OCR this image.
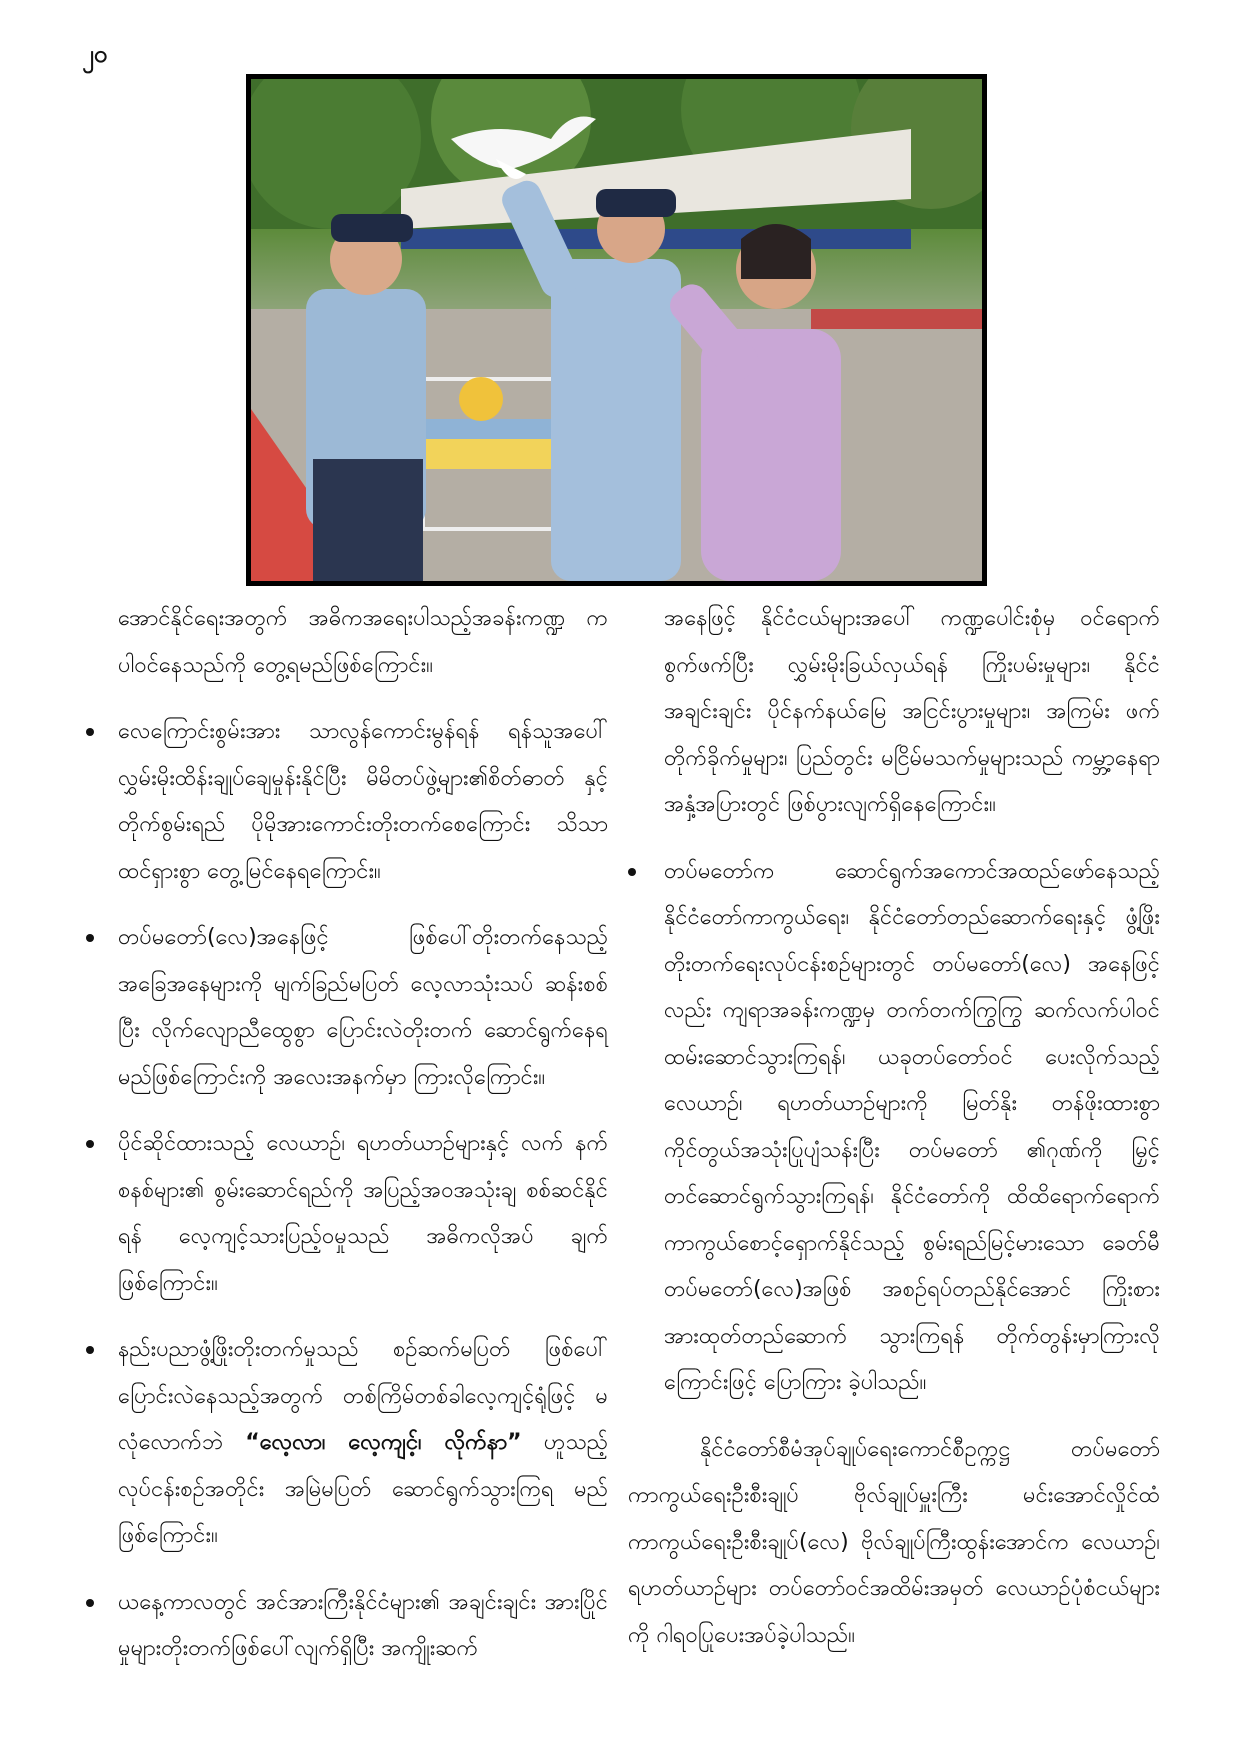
၂၀

အောင်နိုင်ရေးအတွက် အဓိကအရေးပါသည့်အခန်းကဏ္ဍ က ပါဝင်နေသည်ကို တွေ့ရမည်ဖြစ်ကြောင်း။

လေကြောင်းစွမ်းအား သာလွန်ကောင်းမွန်ရန် ရန်သူအပေါ် လွှမ်းမိုးထိန်းချုပ်ချေမှုန်းနိုင်ပြီး မိမိတပ်ဖွဲ့များ၏စိတ်ဓာတ် နှင့် တိုက်စွမ်းရည် ပိုမိုအားကောင်းတိုးတက်စေကြောင်း သိသာထင်ရှားစွာ တွေ့မြင်နေရကြောင်း။
တပ်မတော်(လေ)အနေဖြင့် ဖြစ်ပေါ်တိုးတက်နေသည့် အခြေအနေများကို မျက်ခြည်မပြတ် လေ့လာသုံးသပ် ဆန်းစစ်ပြီး လိုက်လျောညီထွေစွာ ပြောင်းလဲတိုးတက် ဆောင်ရွက်နေရမည်ဖြစ်ကြောင်းကို အလေးအနက်မှာ ကြားလိုကြောင်း။
ပိုင်ဆိုင်ထားသည့် လေယာဉ်၊ ရဟတ်ယာဉ်များနှင့် လက် နက်စနစ်များ၏ စွမ်းဆောင်ရည်ကို အပြည့်အဝအသုံးချ စစ်ဆင်နိုင်ရန် လေ့ကျင့်သားပြည့်ဝမှုသည် အဓိကလိုအပ် ချက်ဖြစ်ကြောင်း။
နည်းပညာဖွံ့ဖြိုးတိုးတက်မှုသည် စဉ်ဆက်မပြတ် ဖြစ်ပေါ် ပြောင်းလဲနေသည့်အတွက် တစ်ကြိမ်တစ်ခါလေ့ကျင့်ရုံဖြင့် မလုံလောက်ဘဲ “လေ့လာ၊ လေ့ကျင့်၊ လိုက်နာ” ဟူသည့် လုပ်ငန်းစဉ်အတိုင်း အမြဲမပြတ် ဆောင်ရွက်သွားကြရ မည်ဖြစ်ကြောင်း။
ယနေ့ကာလတွင် အင်အားကြီးနိုင်ငံများ၏ အချင်းချင်း အားပြိုင်မှုများတိုးတက်ဖြစ်ပေါ်လျက်ရှိပြီး အကျိုးဆက်

အနေဖြင့် နိုင်ငံငယ်များအပေါ် ကဏ္ဍပေါင်းစုံမှ ဝင်ရောက် စွက်ဖက်ပြီး လွှမ်းမိုးခြယ်လှယ်ရန် ကြိုးပမ်းမှုများ၊ နိုင်ငံ အချင်းချင်း ပိုင်နက်နယ်မြေ အငြင်းပွားမှုများ၊ အကြမ်း ဖက်တိုက်ခိုက်မှုများ၊ ပြည်တွင်း မငြိမ်မသက်မှုများသည် ကမ္ဘာ့နေရာအနှံ့အပြားတွင် ဖြစ်ပွားလျက်ရှိနေကြောင်း။

တပ်မတော်က ဆောင်ရွက်အကောင်အထည်ဖော်နေသည့် နိုင်ငံတော်ကာကွယ်ရေး၊ နိုင်ငံတော်တည်ဆောက်ရေးနှင့် ဖွံ့ဖြိုးတိုးတက်ရေးလုပ်ငန်းစဉ်များတွင် တပ်မတော်(လေ) အနေဖြင့်လည်း ကျရာအခန်းကဏ္ဍမှ တက်တက်ကြွကြွ ဆက်လက်ပါဝင်ထမ်းဆောင်သွားကြရန်၊ ယခုတပ်တော်ဝင် ပေးလိုက်သည့် လေယာဉ်၊ ရဟတ်ယာဉ်များကို မြတ်နိုး တန်ဖိုးထားစွာ ကိုင်တွယ်အသုံးပြုပျံသန်းပြီး တပ်မတော် ၏ဂုဏ်ကို မြှင့်တင်ဆောင်ရွက်သွားကြရန်၊ နိုင်ငံတော်ကို ထိထိရောက်ရောက် ကာကွယ်စောင့်ရှောက်နိုင်သည့် စွမ်းရည်မြင့်မားသော ခေတ်မီတပ်မတော်(လေ)အဖြစ် အစဉ်ရပ်တည်နိုင်အောင် ကြိုးစားအားထုတ်တည်ဆောက် သွားကြရန် တိုက်တွန်းမှာကြားလိုကြောင်းဖြင့် ပြောကြား ခဲ့ပါသည်။

နိုင်ငံတော်စီမံအုပ်ချုပ်ရေးကောင်စီဥက္ကဋ္ဌ တပ်မတော် ကာကွယ်ရေးဦးစီးချုပ် ဗိုလ်ချုပ်မှူးကြီး မင်းအောင်လှိုင်ထံ ကာကွယ်ရေးဦးစီးချုပ်(လေ) ဗိုလ်ချုပ်ကြီးထွန်းအောင်က လေယာဉ်၊ ရဟတ်ယာဉ်များ တပ်တော်ဝင်အထိမ်းအမှတ် လေယာဉ်ပုံစံငယ်များကို ဂါရဝပြုပေးအပ်ခဲ့ပါသည်။
